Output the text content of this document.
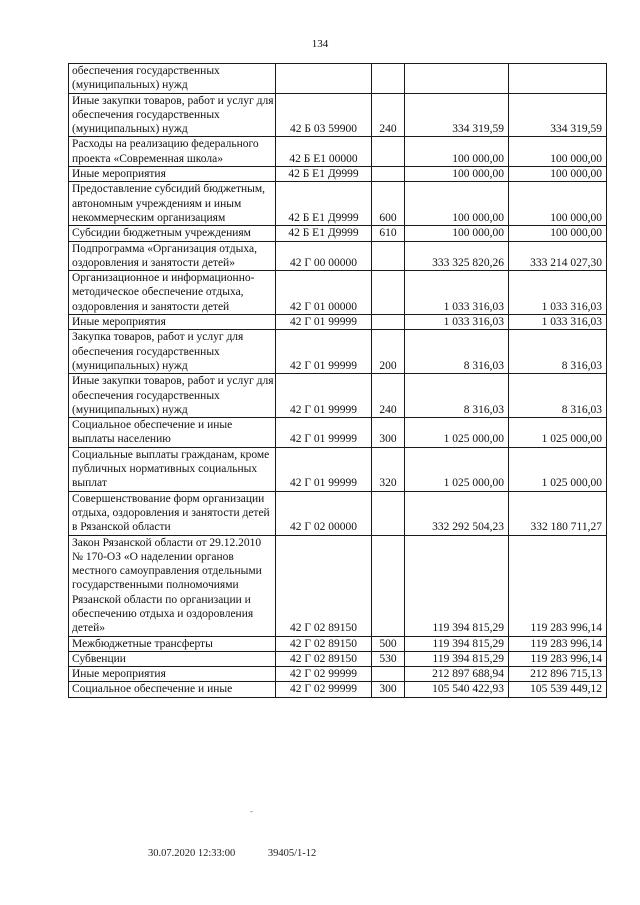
134
обеспечения государственных (муниципальных) нужд				
Иные закупки товаров, работ и услуг для обеспечения государственных (муниципальных) нужд	42 Б 03 59900	240	334 319,59	334 319,59
Расходы на реализацию федерального проекта «Современная школа»	42 Б Е1 00000		100 000,00	100 000,00
Иные мероприятия	42 Б Е1 Д9999		100 000,00	100 000,00
Предоставление субсидий бюджетным, автономным учреждениям и иным некоммерческим организациям	42 Б Е1 Д9999	600	100 000,00	100 000,00
Субсидии бюджетным учреждениям	42 Б Е1 Д9999	610	100 000,00	100 000,00
Подпрограмма «Организация отдыха, оздоровления и занятости детей»	42 Г 00 00000		333 325 820,26	333 214 027,30
Организационное и информационно-методическое обеспечение отдыха, оздоровления и занятости детей	42 Г 01 00000		1 033 316,03	1 033 316,03
Иные мероприятия	42 Г 01 99999		1 033 316,03	1 033 316,03
Закупка товаров, работ и услуг для обеспечения государственных (муниципальных) нужд	42 Г 01 99999	200	8 316,03	8 316,03
Иные закупки товаров, работ и услуг для обеспечения государственных (муниципальных) нужд	42 Г 01 99999	240	8 316,03	8 316,03
Социальное обеспечение и иные выплаты населению	42 Г 01 99999	300	1 025 000,00	1 025 000,00
Социальные выплаты гражданам, кроме публичных нормативных социальных выплат	42 Г 01 99999	320	1 025 000,00	1 025 000,00
Совершенствование форм организации отдыха, оздоровления и занятости детей в Рязанской области	42 Г 02 00000		332 292 504,23	332 180 711,27
Закон Рязанской области от 29.12.2010 № 170-ОЗ «О наделении органов местного самоуправления отдельными государственными полномочиями Рязанской области по организации и обеспечению отдыха и оздоровления детей»	42 Г 02 89150		119 394 815,29	119 283 996,14
Межбюджетные трансферты	42 Г 02 89150	500	119 394 815,29	119 283 996,14
Субвенции	42 Г 02 89150	530	119 394 815,29	119 283 996,14
Иные мероприятия	42 Г 02 99999		212 897 688,94	212 896 715,13
Социальное обеспечение и иные	42 Г 02 99999	300	105 540 422,93	105 539 449,12
-
30.07.2020 12:33:00	39405/1-12
